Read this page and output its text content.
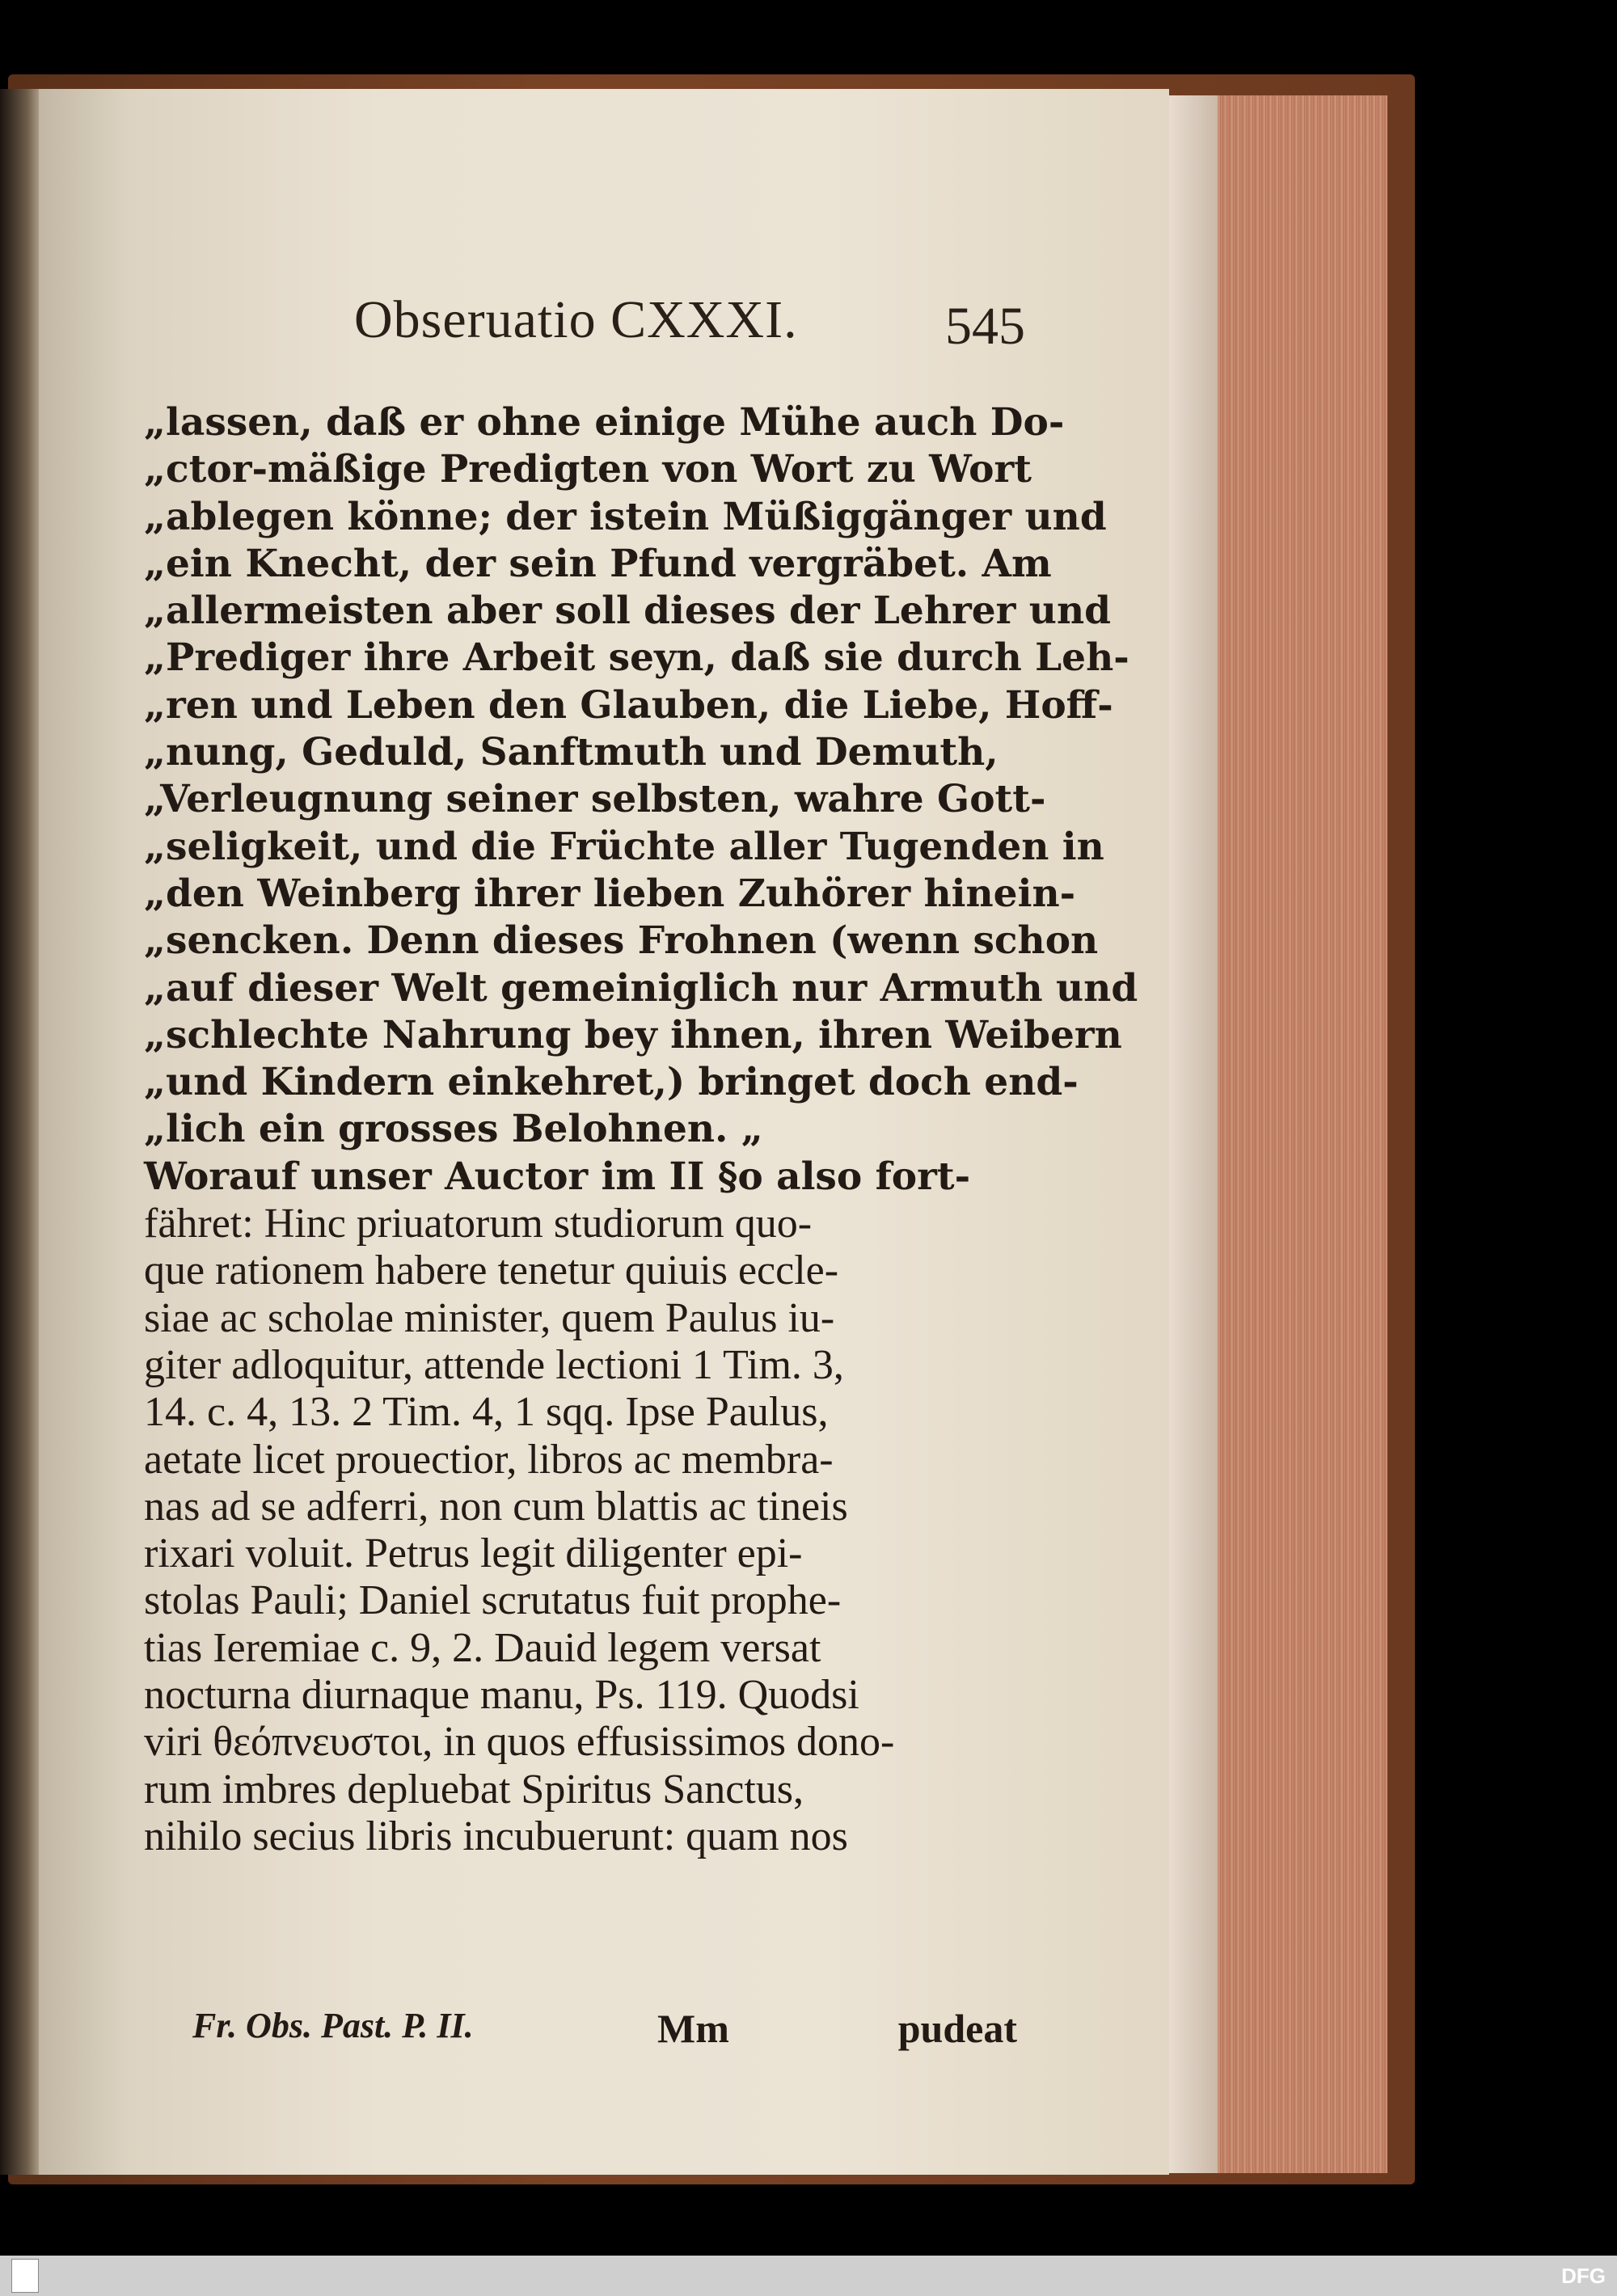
Obseruatio CXXXI.	545
„lassen, daß er ohne einige Mühe auch Do-
„ctor-mäßige Predigten von Wort zu Wort
„ablegen könne; der istein Müßiggänger und
„ein Knecht, der sein Pfund vergräbet. Am
„allermeisten aber soll dieses der Lehrer und
„Prediger ihre Arbeit seyn, daß sie durch Leh-
„ren und Leben den Glauben, die Liebe, Hoff-
„nung, Geduld, Sanftmuth und Demuth,
„Verleugnung seiner selbsten, wahre Gott-
„seligkeit, und die Früchte aller Tugenden in
„den Weinberg ihrer lieben Zuhörer hinein-
„sencken. Denn dieses Frohnen (wenn schon
„auf dieser Welt gemeiniglich nur Armuth und
„schlechte Nahrung bey ihnen, ihren Weibern
„und Kindern einkehret,) bringet doch end-
„lich ein grosses Belohnen. „
Worauf unser Auctor im II §o also fort-
fähret: Hinc priuatorum studiorum quo-
que rationem habere tenetur quiuis eccle-
siae ac scholae minister, quem Paulus iu-
giter adloquitur, attende lectioni 1 Tim. 3,
14. c. 4, 13. 2 Tim. 4, 1 sqq. Ipse Paulus,
aetate licet prouectior, libros ac membra-
nas ad se adferri, non cum blattis ac tineis
rixari voluit. Petrus legit diligenter epi-
stolas Pauli; Daniel scrutatus fuit prophe-
tias Ieremiae c. 9, 2. Dauid legem versat
nocturna diurnaque manu, Ps. 119. Quodsi
viri θεόπνευστοι, in quos effusissimos dono-
rum imbres depluebat Spiritus Sanctus,
nihilo secius libris incubuerunt: quam nos
Fr. Obs. Past. P. II.	Mm	pudeat
DFG
